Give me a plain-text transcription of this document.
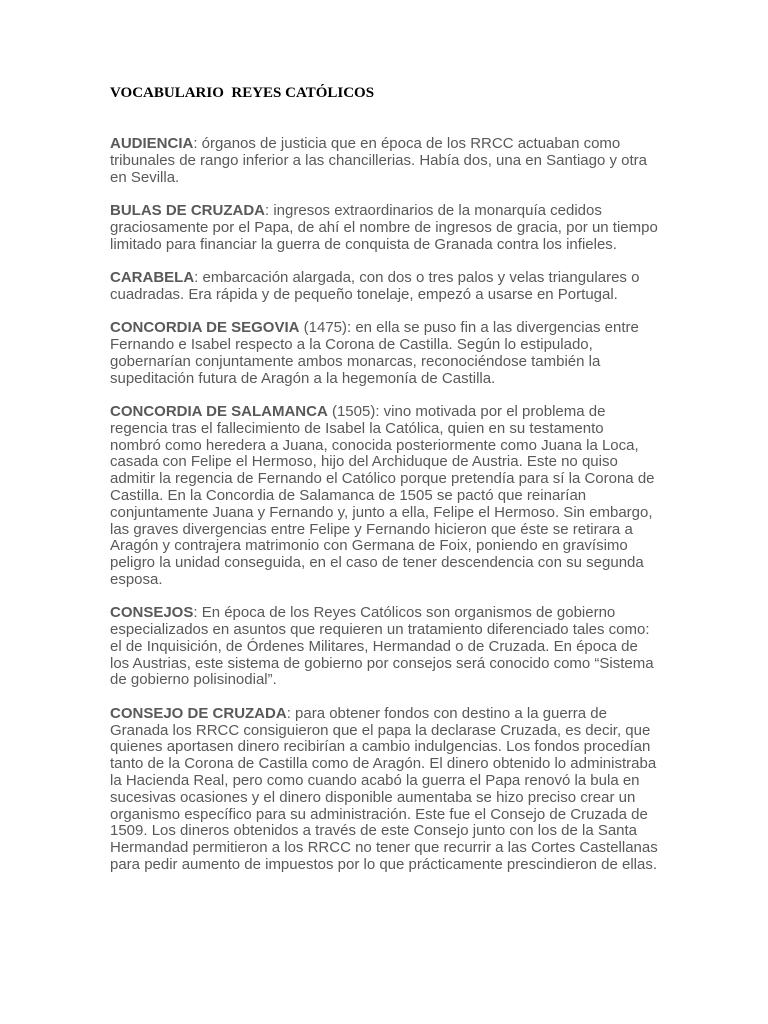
VOCABULARIO  REYES CATÓLICOS

AUDIENCIA: órganos de justicia que en época de los RRCC actuaban como tribunales de rango inferior a las chancillerias. Había dos, una en Santiago y otra en Sevilla.

BULAS DE CRUZADA: ingresos extraordinarios de la monarquía cedidos graciosamente por el Papa, de ahí el nombre de ingresos de gracia, por un tiempo limitado para financiar la guerra de conquista de Granada contra los infieles.

CARABELA: embarcación alargada, con dos o tres palos y velas triangulares o cuadradas. Era rápida y de pequeño tonelaje, empezó a usarse en Portugal.

CONCORDIA DE SEGOVIA (1475): en ella se puso fin a las divergencias entre Fernando e Isabel respecto a la Corona de Castilla. Según lo estipulado, gobernarían conjuntamente ambos monarcas, reconociéndose también la supeditación futura de Aragón a la hegemonía de Castilla.

CONCORDIA DE SALAMANCA (1505): vino motivada por el problema de regencia tras el fallecimiento de Isabel la Católica, quien en su testamento nombró como heredera a Juana, conocida posteriormente como Juana la Loca, casada con Felipe el Hermoso, hijo del Archiduque de Austria. Este no quiso admitir la regencia de Fernando el Católico porque pretendía para sí la Corona de Castilla. En la Concordia de Salamanca de 1505 se pactó que reinarían conjuntamente Juana y Fernando y, junto a ella, Felipe el Hermoso. Sin embargo, las graves divergencias entre Felipe y Fernando hicieron que éste se retirara a Aragón y contrajera matrimonio con Germana de Foix, poniendo en gravísimo peligro la unidad conseguida, en el caso de tener descendencia con su segunda esposa.

CONSEJOS: En época de los Reyes Católicos son organismos de gobierno especializados en asuntos que requieren un tratamiento diferenciado tales como: el de Inquisición, de Órdenes Militares, Hermandad o de Cruzada. En época de los Austrias, este sistema de gobierno por consejos será conocido como “Sistema de gobierno polisinodial”.

CONSEJO DE CRUZADA: para obtener fondos con destino a la guerra de Granada los RRCC consiguieron que el papa la declarase Cruzada, es decir, que quienes aportasen dinero recibirían a cambio indulgencias. Los fondos procedían tanto de la Corona de Castilla como de Aragón. El dinero obtenido lo administraba la Hacienda Real, pero como cuando acabó la guerra el Papa renovó la bula en sucesivas ocasiones y el dinero disponible aumentaba se hizo preciso crear un organismo específico para su administración. Este fue el Consejo de Cruzada de 1509. Los dineros obtenidos a través de este Consejo junto con los de la Santa Hermandad permitieron a los RRCC no tener que recurrir a las Cortes Castellanas para pedir aumento de impuestos por lo que prácticamente prescindieron de ellas.
